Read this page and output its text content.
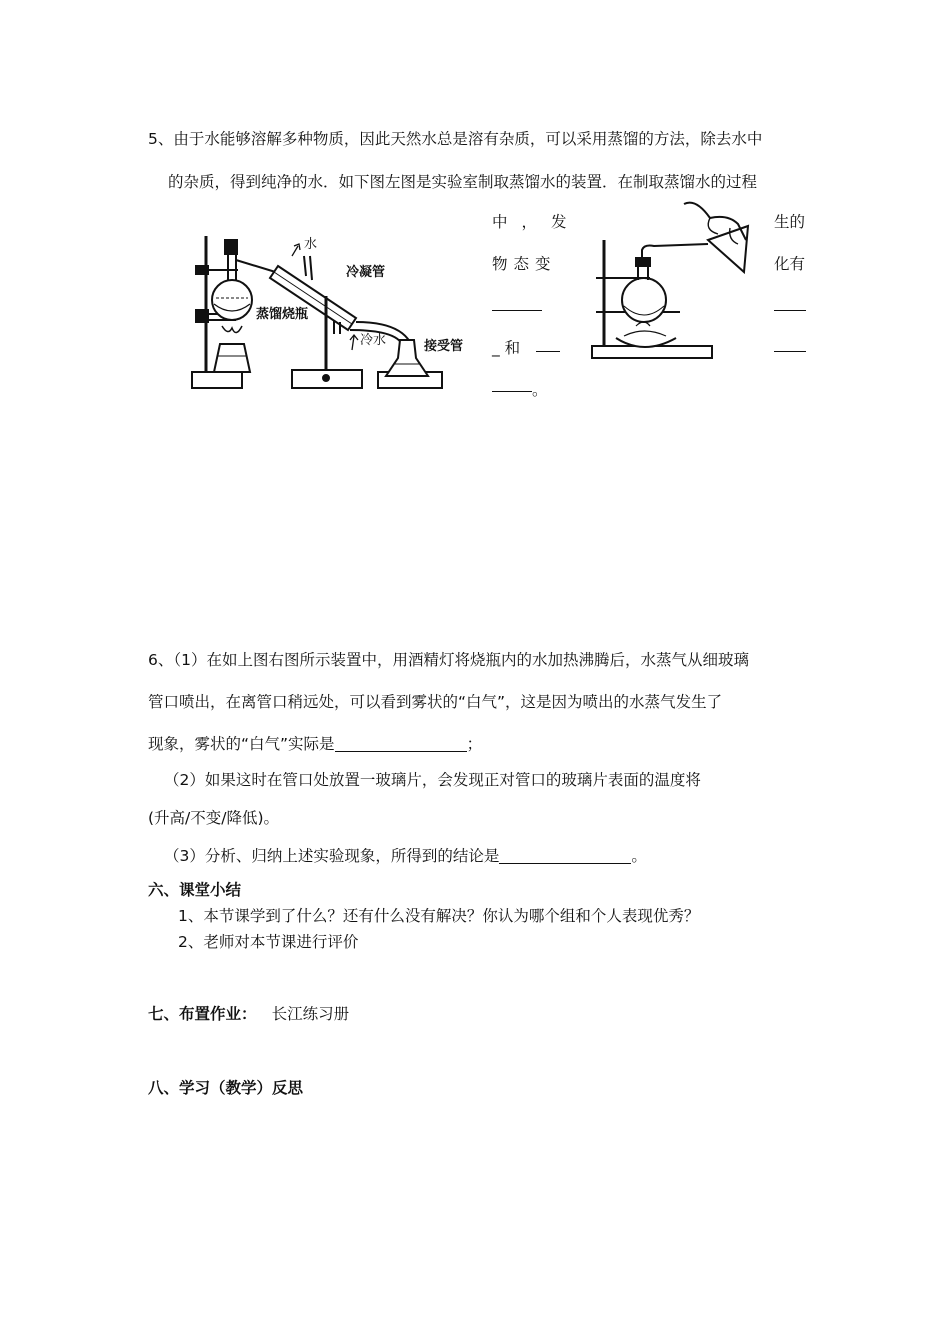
5、由于水能够溶解多种物质，因此天然水总是溶有杂质，可以采用蒸馏的方法，除去水中
的杂质，得到纯净的水．如下图左图是实验室制取蒸馏水的装置．在制取蒸馏水的过程
中，发	生的
物态变	化有
_ 和
。
水
冷凝管
蒸馏烧瓶
冷水	接受管
6、（1）在如上图右图所示装置中，用酒精灯将烧瓶内的水加热沸腾后，水蒸气从细玻璃
管口喷出，在离管口稍远处，可以看到雾状的“白气”，这是因为喷出的水蒸气发生了
现象，雾状的“白气”实际是	；
（2）如果这时在管口处放置一玻璃片，会发现正对管口的玻璃片表面的温度将
(升高/不变/降低)。
（3）分析、归纳上述实验现象，所得到的结论是	。
六、课堂小结
1、本节课学到了什么？还有什么没有解决？你认为哪个组和个人表现优秀？
2、老师对本节课进行评价
七、布置作业： 长江练习册
八、学习（教学）反思
